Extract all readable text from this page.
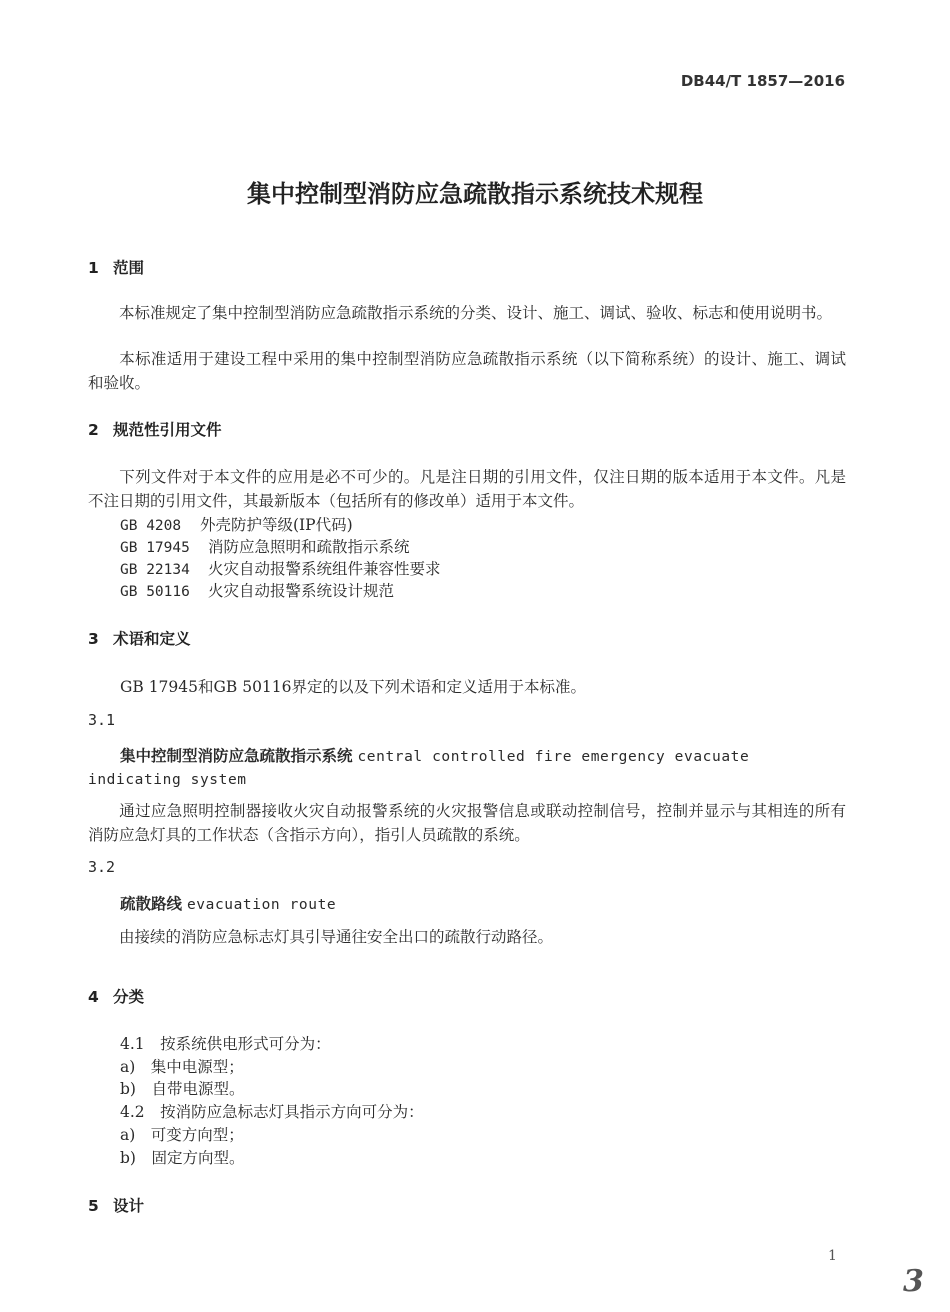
DB44/T 1857—2016
集中控制型消防应急疏散指示系统技术规程
1 范围
本标准规定了集中控制型消防应急疏散指示系统的分类、设计、施工、调试、验收、标志和使用说明书。
本标准适用于建设工程中采用的集中控制型消防应急疏散指示系统（以下简称系统）的设计、施工、调试和验收。
2 规范性引用文件
下列文件对于本文件的应用是必不可少的。凡是注日期的引用文件，仅注日期的版本适用于本文件。凡是不注日期的引用文件，其最新版本（包括所有的修改单）适用于本文件。
GB 4208 外壳防护等级(IP代码)
GB 17945 消防应急照明和疏散指示系统
GB 22134 火灾自动报警系统组件兼容性要求
GB 50116 火灾自动报警系统设计规范
3 术语和定义
GB 17945和GB 50116界定的以及下列术语和定义适用于本标准。
3.1
集中控制型消防应急疏散指示系统 central controlled fire emergency evacuate indicating system
通过应急照明控制器接收火灾自动报警系统的火灾报警信息或联动控制信号，控制并显示与其相连的所有消防应急灯具的工作状态（含指示方向），指引人员疏散的系统。
3.2
疏散路线 evacuation route
由接续的消防应急标志灯具引导通往安全出口的疏散行动路径。
4 分类
4.1　按系统供电形式可分为：
a)　集中电源型；
b)　自带电源型。
4.2　按消防应急标志灯具指示方向可分为：
a)　可变方向型；
b)　固定方向型。
5 设计
1
3
